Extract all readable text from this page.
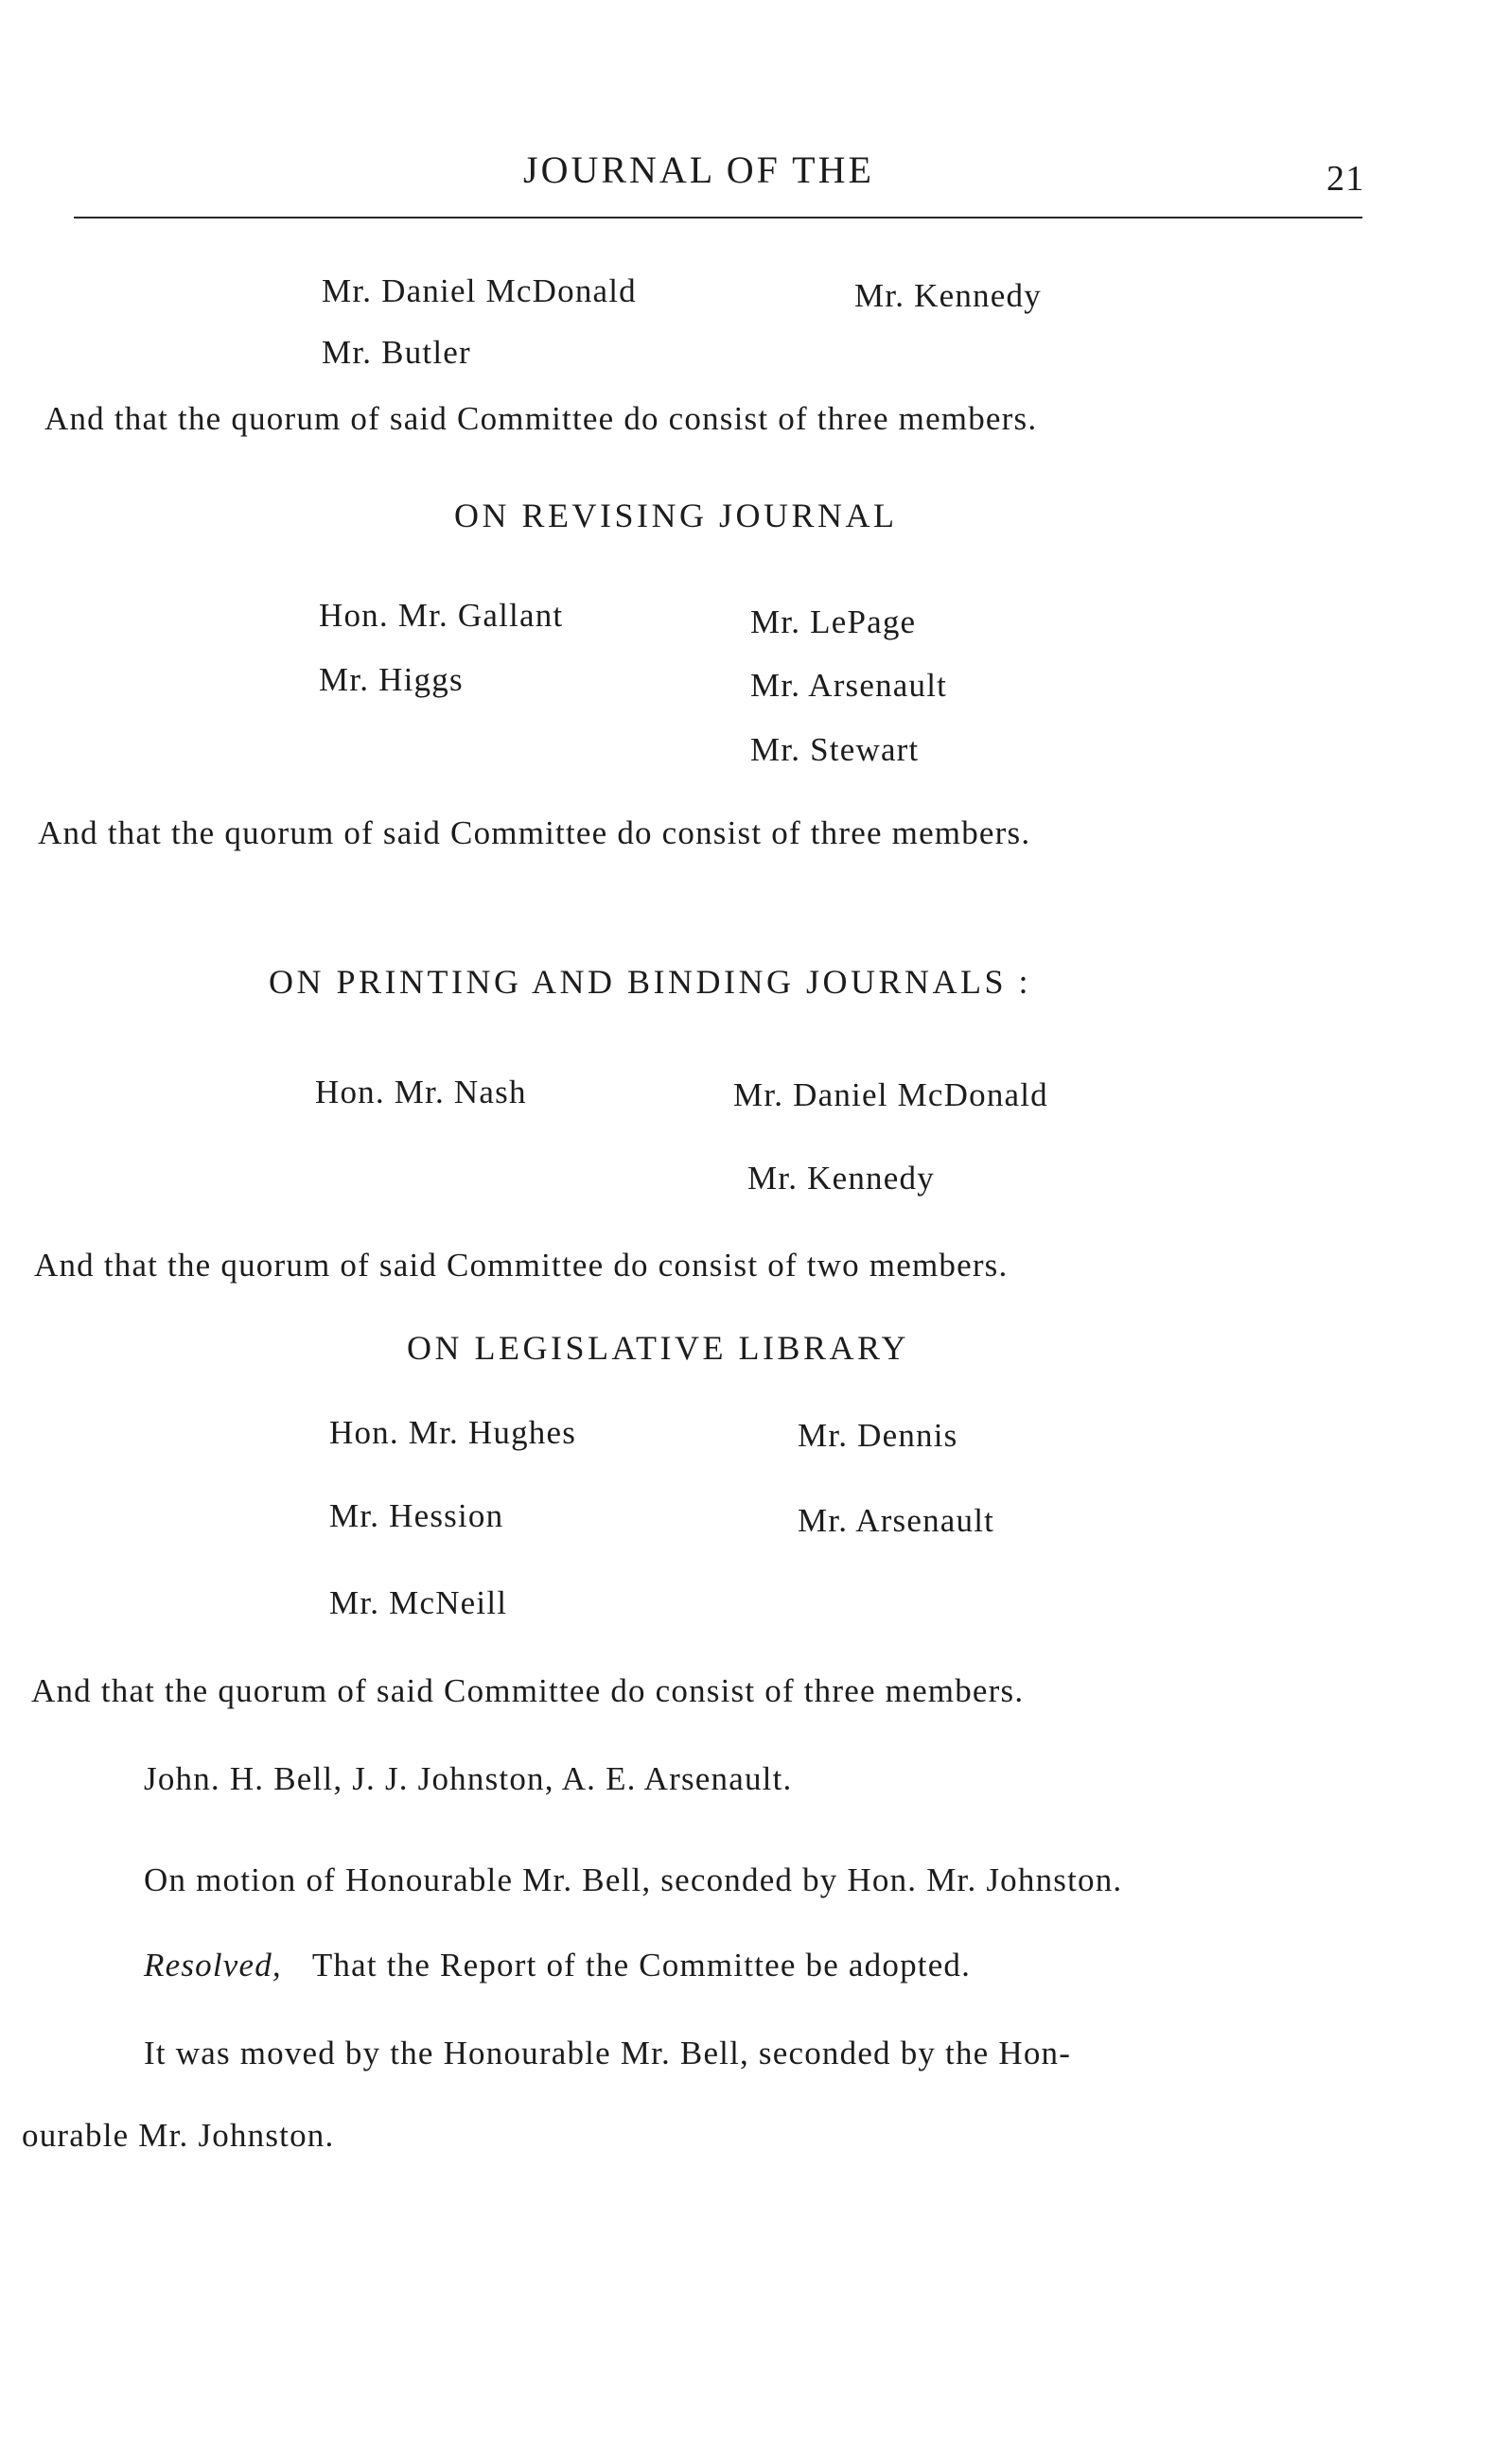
JOURNAL OF THE	21
Mr. Daniel McDonald	Mr. Kennedy
Mr. Butler
And that the quorum of said Committee do consist of three members.
ON REVISING JOURNAL
Hon. Mr. Gallant	Mr. LePage
Mr. Higgs	Mr. Arsenault
Mr. Stewart
And that the quorum of said Committee do consist of three members.
ON PRINTING AND BINDING JOURNALS :
Hon. Mr. Nash	Mr. Daniel McDonald
Mr. Kennedy
And that the quorum of said Committee do consist of two members.
ON LEGISLATIVE LIBRARY
Hon. Mr. Hughes	Mr. Dennis
Mr. Hession	Mr. Arsenault
Mr. McNeill
And that the quorum of said Committee do consist of three members.
John. H. Bell, J. J. Johnston, A. E. Arsenault.
On motion of Honourable Mr. Bell, seconded by Hon. Mr. Johnston.
Resolved, That the Report of the Committee be adopted.
It was moved by the Honourable Mr. Bell, seconded by the Hon-
ourable Mr. Johnston.
